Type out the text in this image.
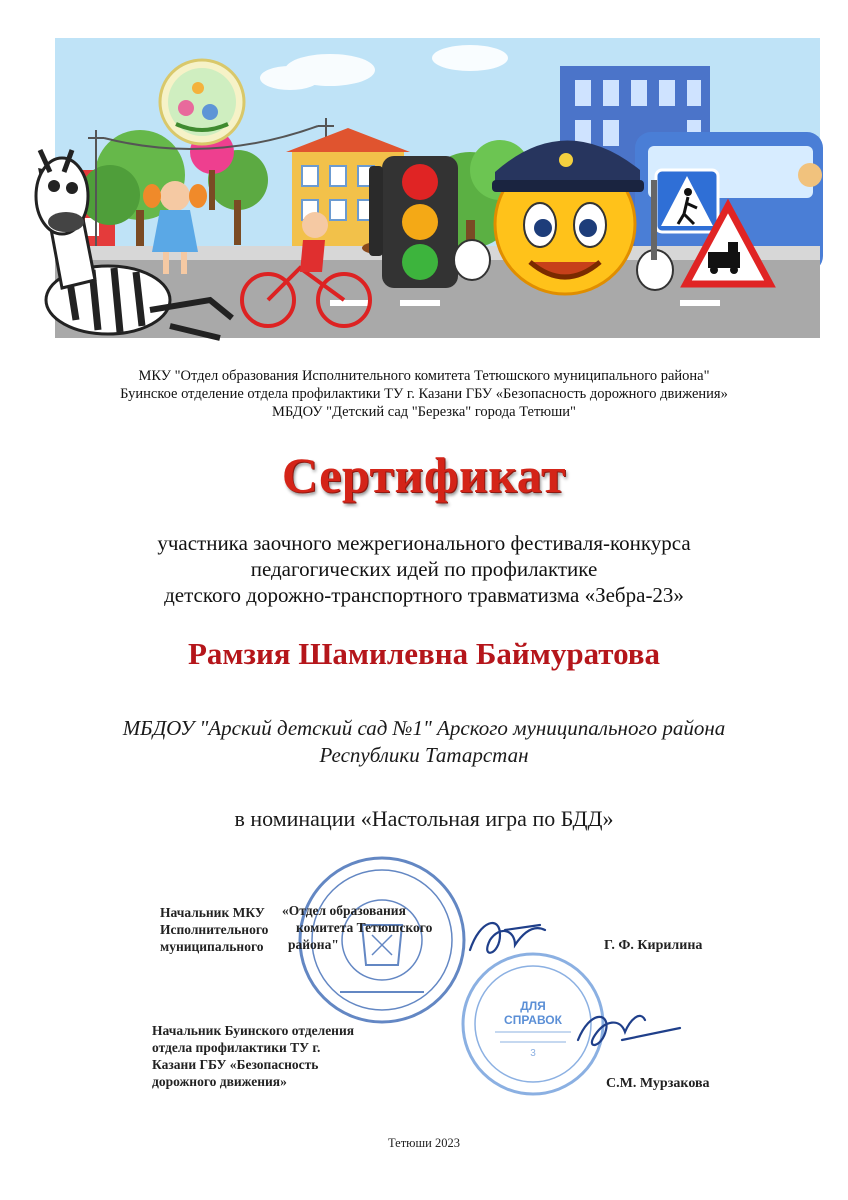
МКУ "Отдел образования Исполнительного комитета Тетюшского муниципального района"
Буинское отделение отдела профилактики ТУ г. Казани ГБУ «Безопасность дорожного движения»
МБДОУ "Детский сад "Березка" города Тетюши"
Сертификат
участника заочного межрегионального фестиваля-конкурса
педагогических идей по профилактике
детского дорожно-транспортного травматизма «Зебра-23»
Рамзия Шамилевна Баймуратова
МБДОУ "Арский детский сад №1" Арского муниципального района
Республики Татарстан
в номинации «Настольная игра по БДД»
3
ДЛЯ
СПРАВОК
Начальник МКУ
Исполнительного
муниципального
«Отдел образования
комитета Тетюшского
района"	Г. Ф. Кирилина
Начальник Буинского отделения
отдела профилактики ТУ г.
Казани ГБУ «Безопасность
дорожного движения»	С.М. Мурзакова
Тетюши 2023
